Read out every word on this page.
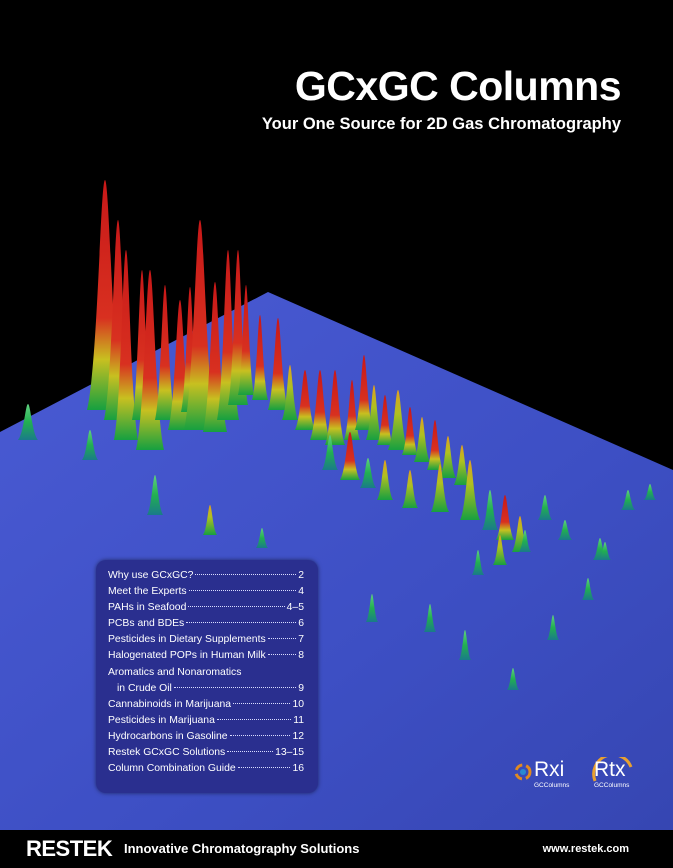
GCxGC Columns
Your One Source for 2D Gas Chromatography
Why use GCxGC?	2
Meet the Experts	4
PAHs in Seafood	4–5
PCBs and BDEs	6
Pesticides in Dietary Supplements	7
Halogenated POPs in Human Milk	8
Aromatics and Nonaromatics
in Crude Oil	9
Cannabinoids in Marijuana	10
Pesticides in Marijuana	11
Hydrocarbons in Gasoline	12
Restek GCxGC Solutions	13–15
Column Combination Guide	16	Rxi
GCColumns
Rtx
GCColumns
RESTEK Innovative Chromatography Solutions	www.restek.com
